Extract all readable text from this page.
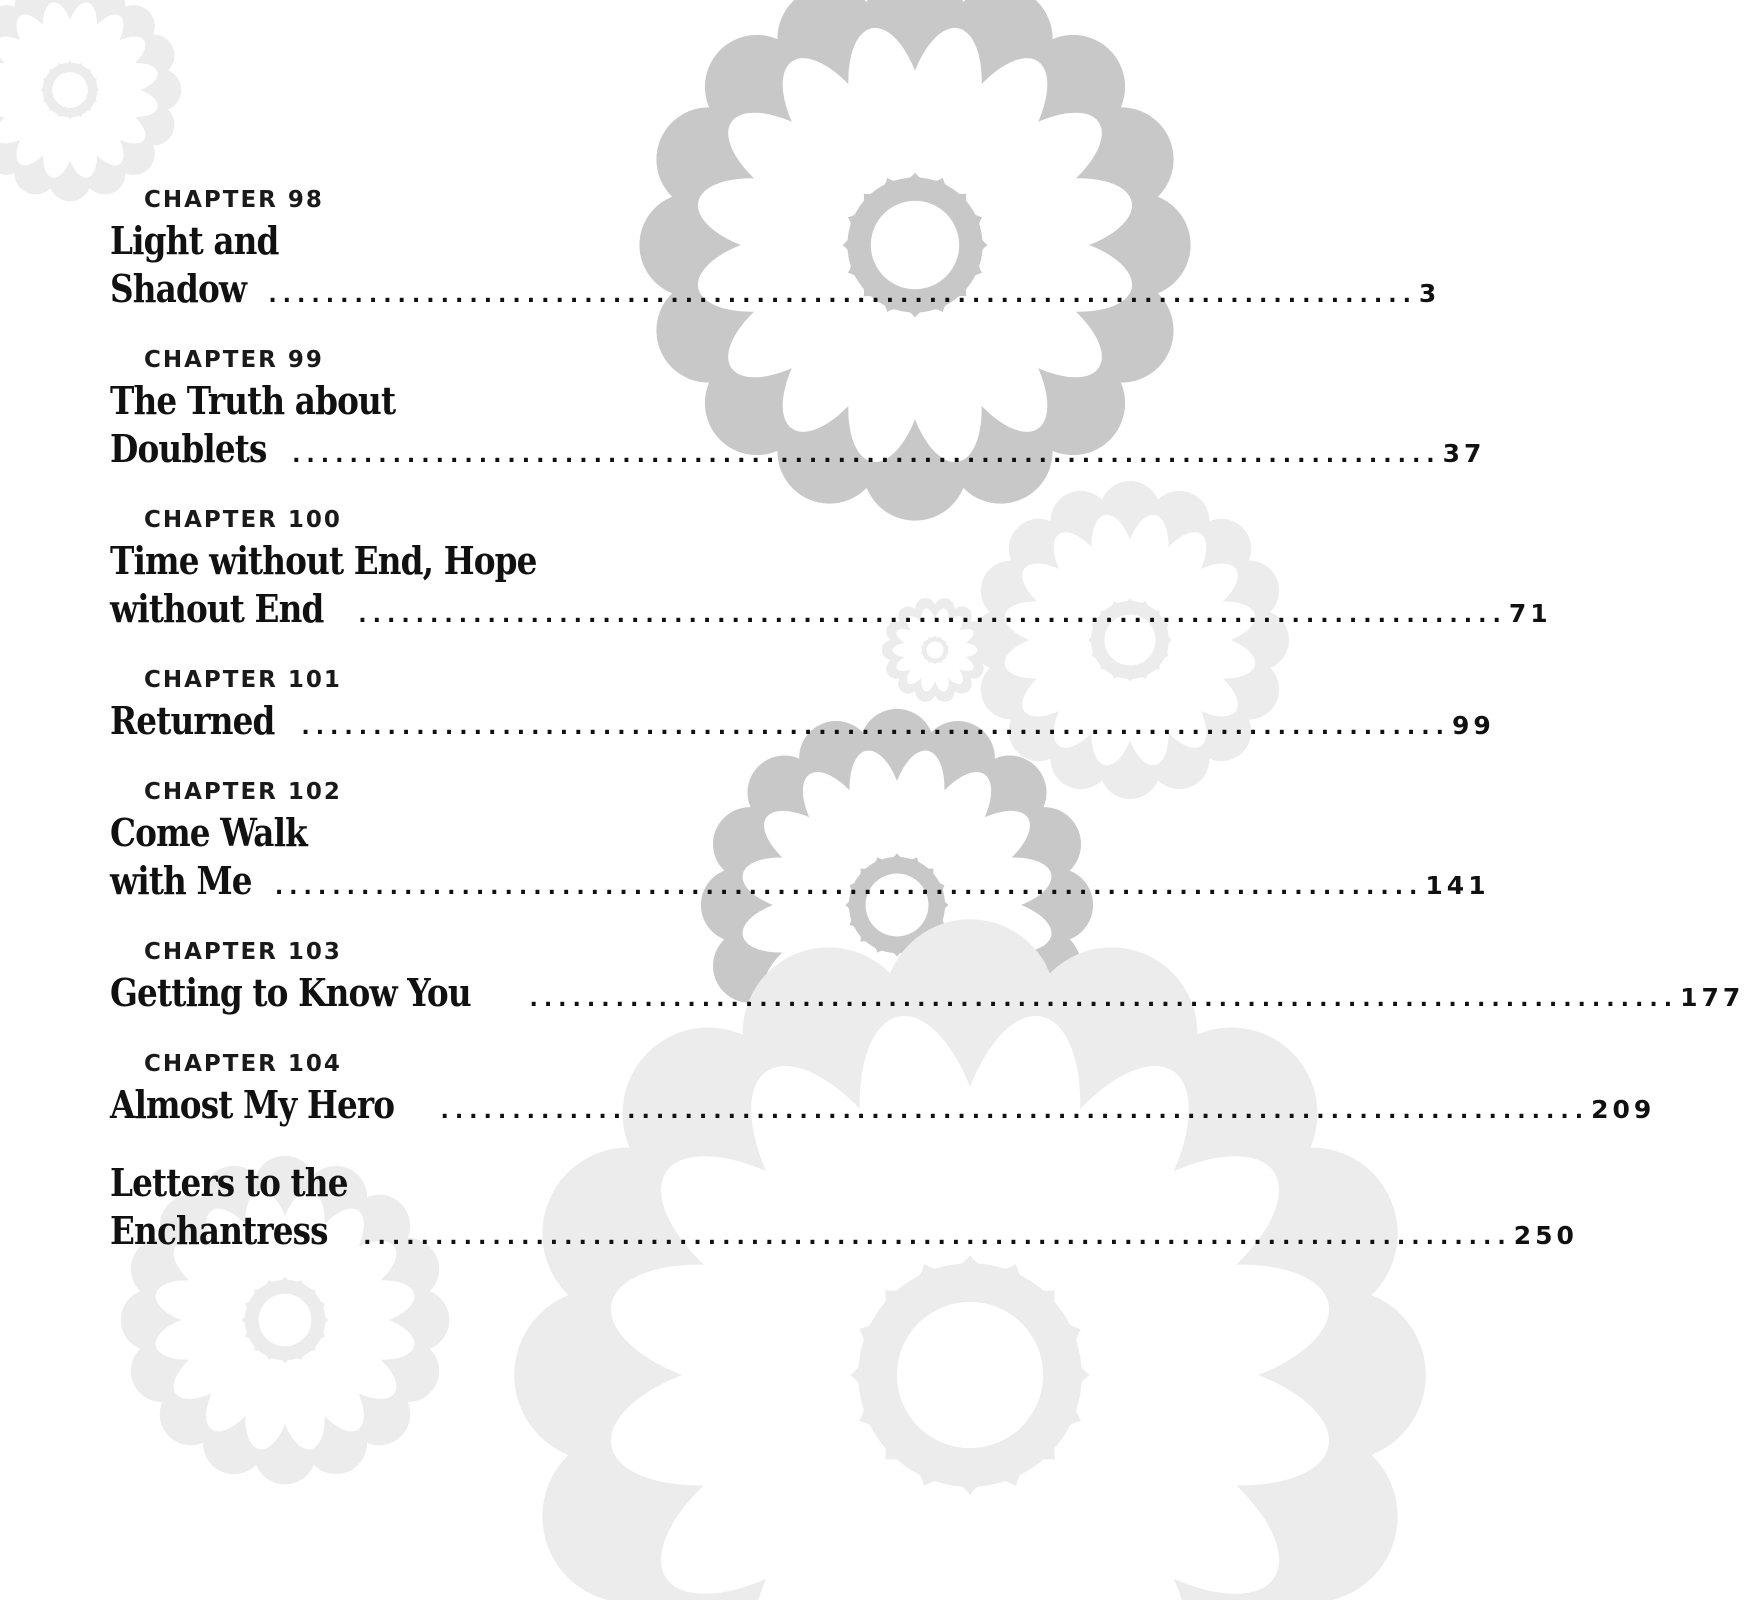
CHAPTER 98
Light and
Shadow ................................................................................ 3
CHAPTER 99
The Truth about
Doublets ................................................................................ 37
CHAPTER 100
Time without End, Hope
without End ................................................................................ 71
CHAPTER 101
Returned ................................................................................ 99
CHAPTER 102
Come Walk
with Me ................................................................................ 141
CHAPTER 103
Getting to Know You	................................................................................ 177
CHAPTER 104
Almost My Hero ................................................................................ 209
Letters to the
Enchantress ................................................................................ 250
